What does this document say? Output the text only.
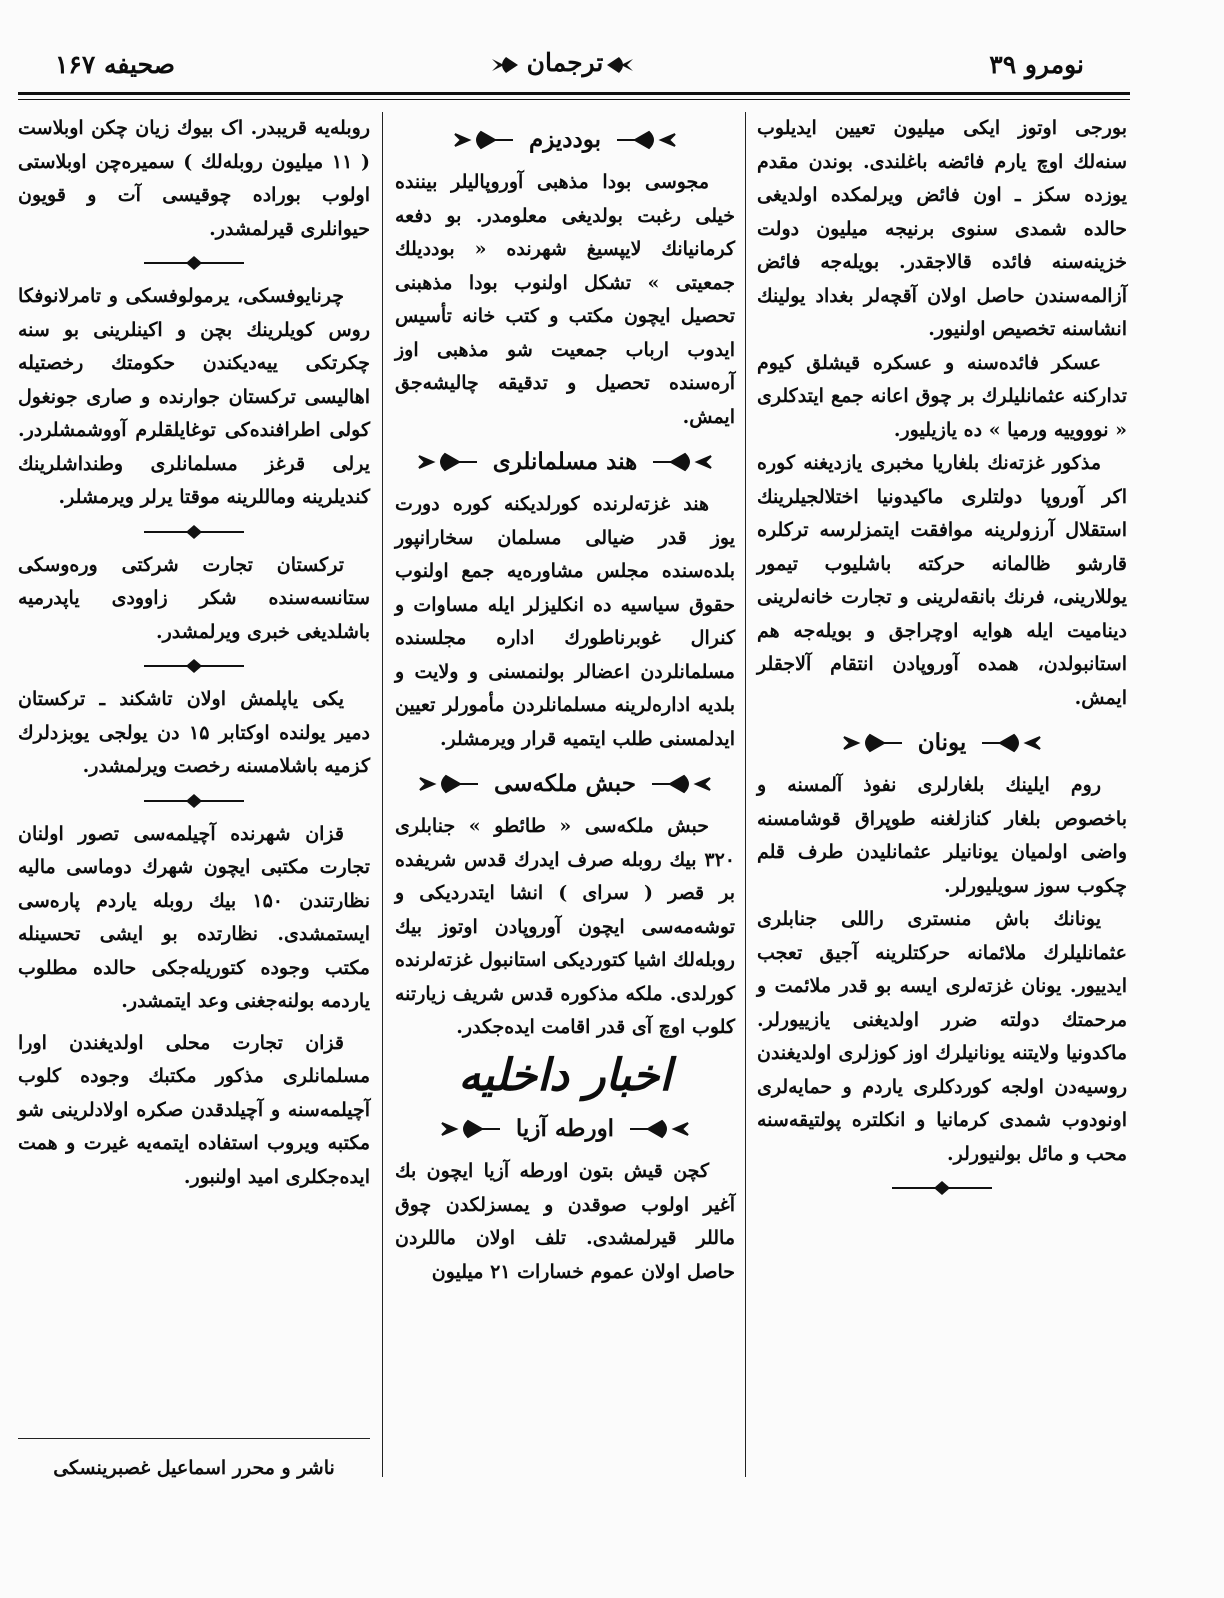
صحیفه ۱۶۷	ترجمان	نومرو ۳۹

روبله‌یه قریبدر. اک بیوك زیان چکن اوبلاست ( ۱۱ میلیون روبله‌لك ) سمیره‌چن اوبلاستی اولوب بوراده چوقیسی آت و قویون حیوانلری قیرلمشدر.

چرنایوفسکی، یرمولوفسکی و تامرلانوفکا روس کویلرینك بچن و اکینلرینی بو سنه چکرتکی ییه‌دیکندن حکومتك رخصتیله اهالیسی ترکستان جوارنده و صاری جونغول کولی اطرافنده‌کی توغایلقلرم آووشمشلردر. یرلی قرغز مسلمانلری وطنداشلرینك کندیلرینه وماللرینه موقتا یرلر ویرمشلر.

ترکستان تجارت شرکتی وره‌وسکی ستانسه‌سنده شکر زاوودی یاپدرمیه باشلدیغی خبری ویرلمشدر.

یکی یاپلمش اولان تاشکند ـ ترکستان دمیر یولنده اوکتابر ۱۵ دن یولجی یوبزدلرك کزمیه باشلامسنه رخصت ویرلمشدر.

قزان شهرنده آچیلمه‌سی تصور اولنان تجارت مکتبی ایچون شهرك دوماسی مالیه نظارتندن ۱۵۰ بیك روبله یاردم پاره‌سی ایستمشدی. نظارتده بو ایشی تحسینله مکتب وجوده کتوریله‌جکی حالده مطلوب یاردمه بولنه‌جغنی وعد ایتمشدر.

قزان تجارت محلی اولدیغندن اورا مسلمانلری مذکور مکتبك وجوده کلوب آچیلمه‌سنه و آچیلدقدن صکره اولادلرینی شو مکتبه ویروب استفاده ایتمه‌یه غیرت و همت ایده‌جکلری امید اولنبور.

ناشر و محرر اسماعیل غصبرینسکی
بوددیزم

مجوسی بودا مذهبی آوروپالیلر بیننده خیلی رغبت بولدیغی معلومدر. بو دفعه کرمانیانك لایپسیغ شهرنده « بوددیلك جمعیتی » تشکل اولنوب بودا مذهبنی تحصیل ایچون مکتب و کتب خانه تأسیس ایدوب ارباب جمعیت شو مذهبی اوز آره‌سنده تحصیل و تدقیقه چالیشه‌جق ایمش.

هند مسلمانلری

هند غزته‌لرنده کورلدیکنه کوره دورت یوز قدر ضیالی مسلمان سخارانپور بلده‌سنده مجلس مشاوره‌یه جمع اولنوب حقوق سیاسیه ده انکلیزلر ایله مساوات و کنرال غوبرناطورك اداره مجلسنده مسلمانلردن اعضالر بولنمسنی و ولایت و بلدیه اداره‌لرینه مسلمانلردن مأمورلر تعیین ایدلمسنی طلب ایتمیه قرار ویرمشلر.

حبش ملکه‌سی

حبش ملکه‌سی « طائطو » جنابلری ۳۲۰ بیك روبله صرف ایدرك قدس شریفده بر قصر ( سرای ) انشا ایتدردیکی و توشه‌مه‌سی ایچون آوروپادن اوتوز بیك روبله‌لك اشیا کتوردیکی استانبول غزته‌لرنده کورلدی. ملکه مذکوره قدس شریف زیارتنه کلوب اوچ آی قدر اقامت ایده‌جکدر.

اخبار داخلیه
اورطه آزیا

کچن قیش بتون اورطه آزیا ایچون بك آغیر اولوب صوقدن و یمسزلکدن چوق ماللر قیرلمشدی. تلف اولان ماللردن حاصل اولان عموم خسارات ۲۱ میلیون

بورجی اوتوز ایکی میلیون تعیین ایدیلوب سنه‌لك اوچ یارم فائضه باغلندی. بوندن مقدم یوزده سکز ـ اون فائض ویرلمکده اولدیغی حالده شمدی سنوی برنیجه میلیون دولت خزینه‌سنه فائده قالاجقدر. بویله‌جه فائض آزالمه‌سندن حاصل اولان آقچه‌لر بغداد یولینك انشاسنه تخصیص اولنیور.

عسکر فائده‌سنه و عسکره قیشلق کیوم تدارکنه عثمانلیلرك بر چوق اعانه جمع ایتدکلری « نوووییه ورمیا » ده یازیلیور.

مذکور غزته‌نك بلغاریا مخبری یازدیغنه کوره اکر آوروپا دولتلری ماکیدونیا اختلالجیلرینك استقلال آرزولرینه موافقت ایتمزلرسه ترکلره قارشو ظالمانه حرکته باشلیوب تیمور یوللارینی، فرنك بانقه‌لرینی و تجارت خانه‌لرینی دینامیت ایله هوایه اوچراجق و بویله‌جه هم استانبولدن، همده آوروپادن انتقام آلاجقلر ایمش.

یونان

روم ایلینك بلغارلری نفوذ آلمسنه و باخصوص بلغار کنازلغنه طوپراق قوشامسنه واضی اولمیان یونانیلر عثمانلیدن طرف قلم چکوب سوز سویلیورلر.

یونانك باش منستری راللی جنابلری عثمانلیلرك ملائمانه حرکتلرینه آجیق تعجب ایدییور. یونان غزته‌لری ایسه بو قدر ملائمت و مرحمتك دولته ضرر اولدیغنی یازییورلر. ماکدونیا ولایتنه یونانیلرك اوز کوزلری اولدیغندن روسیه‌دن اولجه کوردکلری یاردم و حمایه‌لری اونودوب شمدی کرمانیا و انکلتره پولتیقه‌سنه محب و مائل بولنیورلر.
